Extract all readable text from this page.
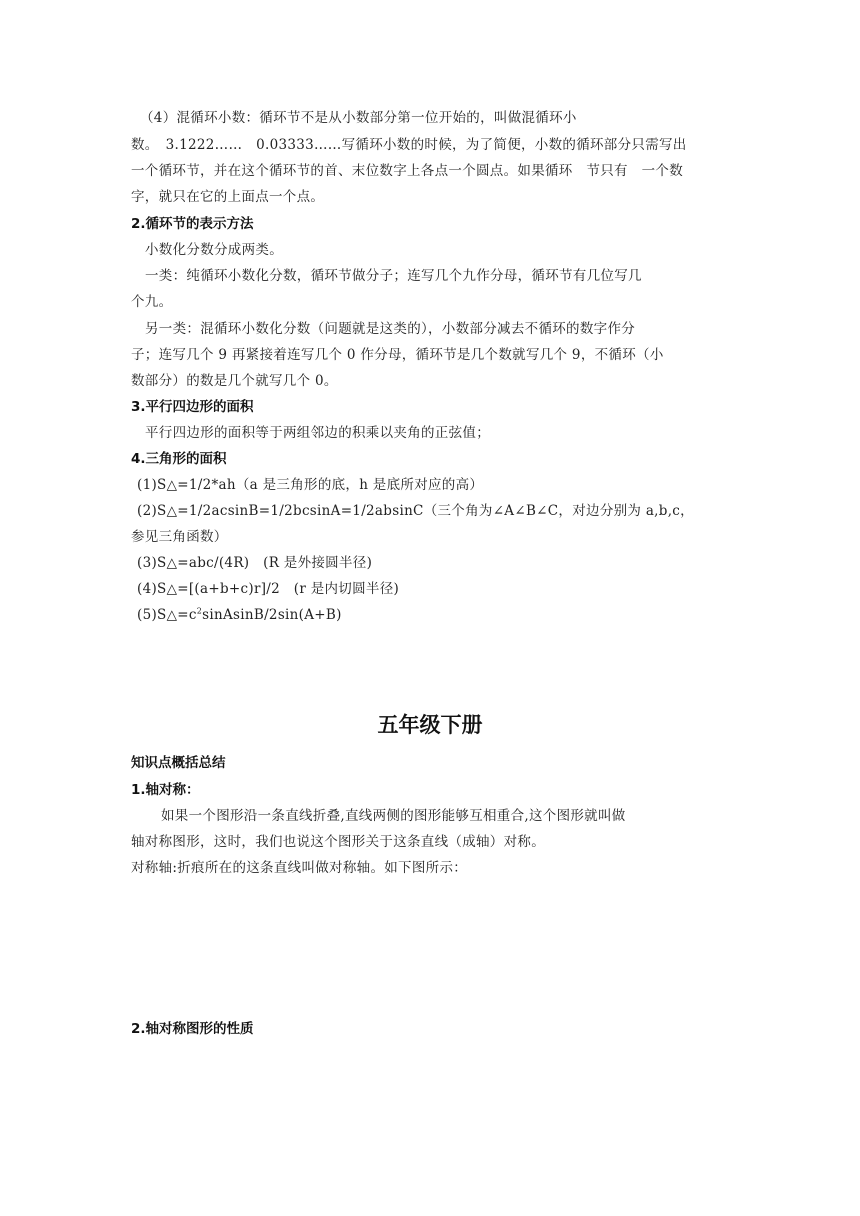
（4）混循环小数：循环节不是从小数部分第一位开始的，叫做混循环小
数。　3.1222……　0.03333……写循环小数的时候，为了简便，小数的循环部分只需写出
一个循环节，并在这个循环节的首、末位数字上各点一个圆点。如果循环　节只有　一个数
字，就只在它的上面点一个点。
2.循环节的表示方法
小数化分数分成两类。
一类：纯循环小数化分数，循环节做分子；连写几个九作分母，循环节有几位写几
个九。
另一类：混循环小数化分数（问题就是这类的），小数部分减去不循环的数字作分
子；连写几个 9 再紧接着连写几个 0 作分母，循环节是几个数就写几个 9，不循环（小
数部分）的数是几个就写几个 0。
3.平行四边形的面积
平行四边形的面积等于两组邻边的积乘以夹角的正弦值；
4.三角形的面积
(1)S△=1/2*ah（a 是三角形的底，h 是底所对应的高）
(2)S△=1/2acsinB=1/2bcsinA=1/2absinC（三个角为∠A∠B∠C，对边分别为 a,b,c，
参见三角函数）
(3)S△=abc/(4R)　(R 是外接圆半径)
(4)S△=[(a+b+c)r]/2　(r 是内切圆半径)
$(5)S\triangle=c^2sinAsinB/2\sin(A+B)$
五年级下册
知识点概括总结
1.轴对称：
如果一个图形沿一条直线折叠,直线两侧的图形能够互相重合,这个图形就叫做
轴对称图形，这时，我们也说这个图形关于这条直线（成轴）对称。
对称轴:折痕所在的这条直线叫做对称轴。如下图所示：
2.轴对称图形的性质
